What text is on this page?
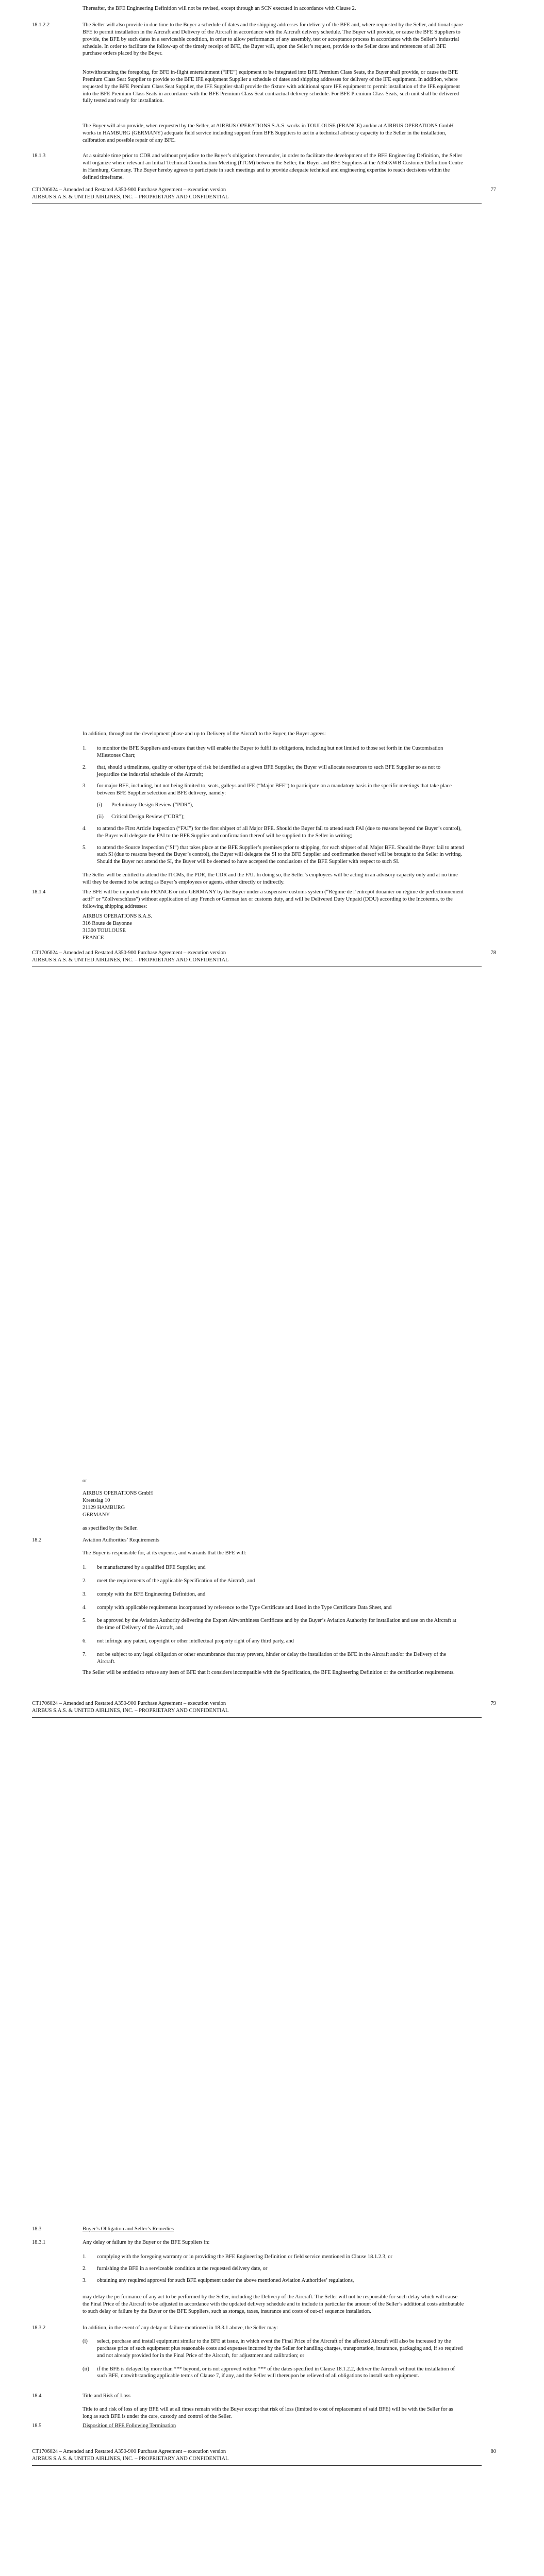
Thereafter, the BFE Engineering Definition will not be revised, except through an SCN executed in accordance with Clause 2.

18.1.2.2	The Seller will also provide in due time to the Buyer a schedule of dates and the shipping addresses for delivery of the BFE and, where requested by the Seller, additional spare BFE to permit installation in the Aircraft and Delivery of the Aircraft in accordance with the Aircraft delivery schedule. The Buyer will provide, or cause the BFE Suppliers to provide, the BFE by such dates in a serviceable condition, in order to allow performance of any assembly, test or acceptance process in accordance with the Seller’s industrial schedule. In order to facilitate the follow-up of the timely receipt of BFE, the Buyer will, upon the Seller’s request, provide to the Seller dates and references of all BFE purchase orders placed by the Buyer.

Notwithstanding the foregoing, for BFE in-flight entertainment (“IFE”) equipment to be integrated into BFE Premium Class Seats, the Buyer shall provide, or cause the BFE Premium Class Seat Supplier to provide to the BFE IFE equipment Supplier a schedule of dates and shipping addresses for delivery of the IFE equipment. In addition, where requested by the BFE Premium Class Seat Supplier, the IFE Supplier shall provide the fixture with additional spare IFE equipment to permit installation of the IFE equipment into the BFE Premium Class Seats in accordance with the BFE Premium Class Seat contractual delivery schedule. For BFE Premium Class Seats, such unit shall be delivered fully tested and ready for installation.

The Buyer will also provide, when requested by the Seller, at AIRBUS OPERATIONS S.A.S. works in TOULOUSE (FRANCE) and/or at AIRBUS OPERATIONS GmbH works in HAMBURG (GERMANY) adequate field service including support from BFE Suppliers to act in a technical advisory capacity to the Seller in the installation, calibration and possible repair of any BFE.

18.1.3	At a suitable time prior to CDR and without prejudice to the Buyer’s obligations hereunder, in order to facilitate the development of the BFE Engineering Definition, the Seller will organize where relevant an Initial Technical Coordination Meeting (ITCM) between the Seller, the Buyer and BFE Suppliers at the A350XWB Customer Definition Centre in Hamburg, Germany. The Buyer hereby agrees to participate in such meetings and to provide adequate technical and engineering expertise to reach decisions within the defined timeframe.

CT1706024 – Amended and Restated A350-900 Purchase Agreement – execution version
AIRBUS S.A.S. & UNITED AIRLINES, INC. – PROPRIETARY AND CONFIDENTIAL
77

In addition, throughout the development phase and up to Delivery of the Aircraft to the Buyer, the Buyer agrees:

1. to monitor the BFE Suppliers and ensure that they will enable the Buyer to fulfil its obligations, including but not limited to those set forth in the Customisation Milestones Chart;
2. that, should a timeliness, quality or other type of risk be identified at a given BFE Supplier, the Buyer will allocate resources to such BFE Supplier so as not to jeopardize the industrial schedule of the Aircraft;
3. for major BFE, including, but not being limited to, seats, galleys and IFE (“Major BFE”) to participate on a mandatory basis in the specific meetings that take place between BFE Supplier selection and BFE delivery, namely:
(i) Preliminary Design Review (“PDR”),
(ii) Critical Design Review (“CDR”);
4. to attend the First Article Inspection (“FAI”) for the first shipset of all Major BFE. Should the Buyer fail to attend such FAI (due to reasons beyond the Buyer’s control), the Buyer will delegate the FAI to the BFE Supplier and confirmation thereof will be supplied to the Seller in writing;
5. to attend the Source Inspection (“SI”) that takes place at the BFE Supplier’s premises prior to shipping, for each shipset of all Major BFE. Should the Buyer fail to attend such SI (due to reasons beyond the Buyer’s control), the Buyer will delegate the SI to the BFE Supplier and confirmation thereof will be brought to the Seller in writing. Should the Buyer not attend the SI, the Buyer will be deemed to have accepted the conclusions of the BFE Supplier with respect to such SI.

The Seller will be entitled to attend the ITCMs, the PDR, the CDR and the FAI. In doing so, the Seller’s employees will be acting in an advisory capacity only and at no time will they be deemed to be acting as Buyer’s employees or agents, either directly or indirectly.

18.1.4	The BFE will be imported into FRANCE or into GERMANY by the Buyer under a suspensive customs system (“Régime de l’entrepôt douanier ou régime de perfectionnement actif” or “Zollverschluss”) without application of any French or German tax or customs duty, and will be Delivered Duty Unpaid (DDU) according to the Incoterms, to the following shipping addresses:

AIRBUS OPERATIONS S.A.S.
316 Route de Bayonne
31300 TOULOUSE
FRANCE
CT1706024 – Amended and Restated A350-900 Purchase Agreement – execution version
AIRBUS S.A.S. & UNITED AIRLINES, INC. – PROPRIETARY AND CONFIDENTIAL
78

or

AIRBUS OPERATIONS GmbH
Kreetslag 10
21129 HAMBURG
GERMANY

as specified by the Seller.

18.2	Aviation Authorities’ Requirements

The Buyer is responsible for, at its expense, and warrants that the BFE will:

1. be manufactured by a qualified BFE Supplier, and
2. meet the requirements of the applicable Specification of the Aircraft, and
3. comply with the BFE Engineering Definition, and
4. comply with applicable requirements incorporated by reference to the Type Certificate and listed in the Type Certificate Data Sheet, and
5. be approved by the Aviation Authority delivering the Export Airworthiness Certificate and by the Buyer’s Aviation Authority for installation and use on the Aircraft at the time of Delivery of the Aircraft, and
6. not infringe any patent, copyright or other intellectual property right of any third party, and
7. not be subject to any legal obligation or other encumbrance that may prevent, hinder or delay the installation of the BFE in the Aircraft and/or the Delivery of the Aircraft.

The Seller will be entitled to refuse any item of BFE that it considers incompatible with the Specification, the BFE Engineering Definition or the certification requirements.

CT1706024 – Amended and Restated A350-900 Purchase Agreement – execution version
AIRBUS S.A.S. & UNITED AIRLINES, INC. – PROPRIETARY AND CONFIDENTIAL
79
18.3	Buyer’s Obligation and Seller’s Remedies

18.3.1	Any delay or failure by the Buyer or the BFE Suppliers in:

1. complying with the foregoing warranty or in providing the BFE Engineering Definition or field service mentioned in Clause 18.1.2.3, or
2. furnishing the BFE in a serviceable condition at the requested delivery date, or
3. obtaining any required approval for such BFE equipment under the above mentioned Aviation Authorities’ regulations,

may delay the performance of any act to be performed by the Seller, including the Delivery of the Aircraft. The Seller will not be responsible for such delay which will cause the Final Price of the Aircraft to be adjusted in accordance with the updated delivery schedule and to include in particular the amount of the Seller’s additional costs attributable to such delay or failure by the Buyer or the BFE Suppliers, such as storage, taxes, insurance and costs of out-of sequence installation.

18.3.2	In addition, in the event of any delay or failure mentioned in 18.3.1 above, the Seller may:

(i) select, purchase and install equipment similar to the BFE at issue, in which event the Final Price of the Aircraft of the affected Aircraft will also be increased by the purchase price of such equipment plus reasonable costs and expenses incurred by the Seller for handling charges, transportation, insurance, packaging and, if so required and not already provided for in the Final Price of the Aircraft, for adjustment and calibration; or
(ii) if the BFE is delayed by more than *** beyond, or is not approved within *** of the dates specified in Clause 18.1.2.2, deliver the Aircraft without the installation of such BFE, notwithstanding applicable terms of Clause 7, if any, and the Seller will thereupon be relieved of all obligations to install such equipment.
18.4	Title and Risk of Loss

Title to and risk of loss of any BFE will at all times remain with the Buyer except that risk of loss (limited to cost of replacement of said BFE) will be with the Seller for as long as such BFE is under the care, custody and control of the Seller.

18.5	Disposition of BFE Following Termination

CT1706024 – Amended and Restated A350-900 Purchase Agreement – execution version
AIRBUS S.A.S. & UNITED AIRLINES, INC. – PROPRIETARY AND CONFIDENTIAL
80
